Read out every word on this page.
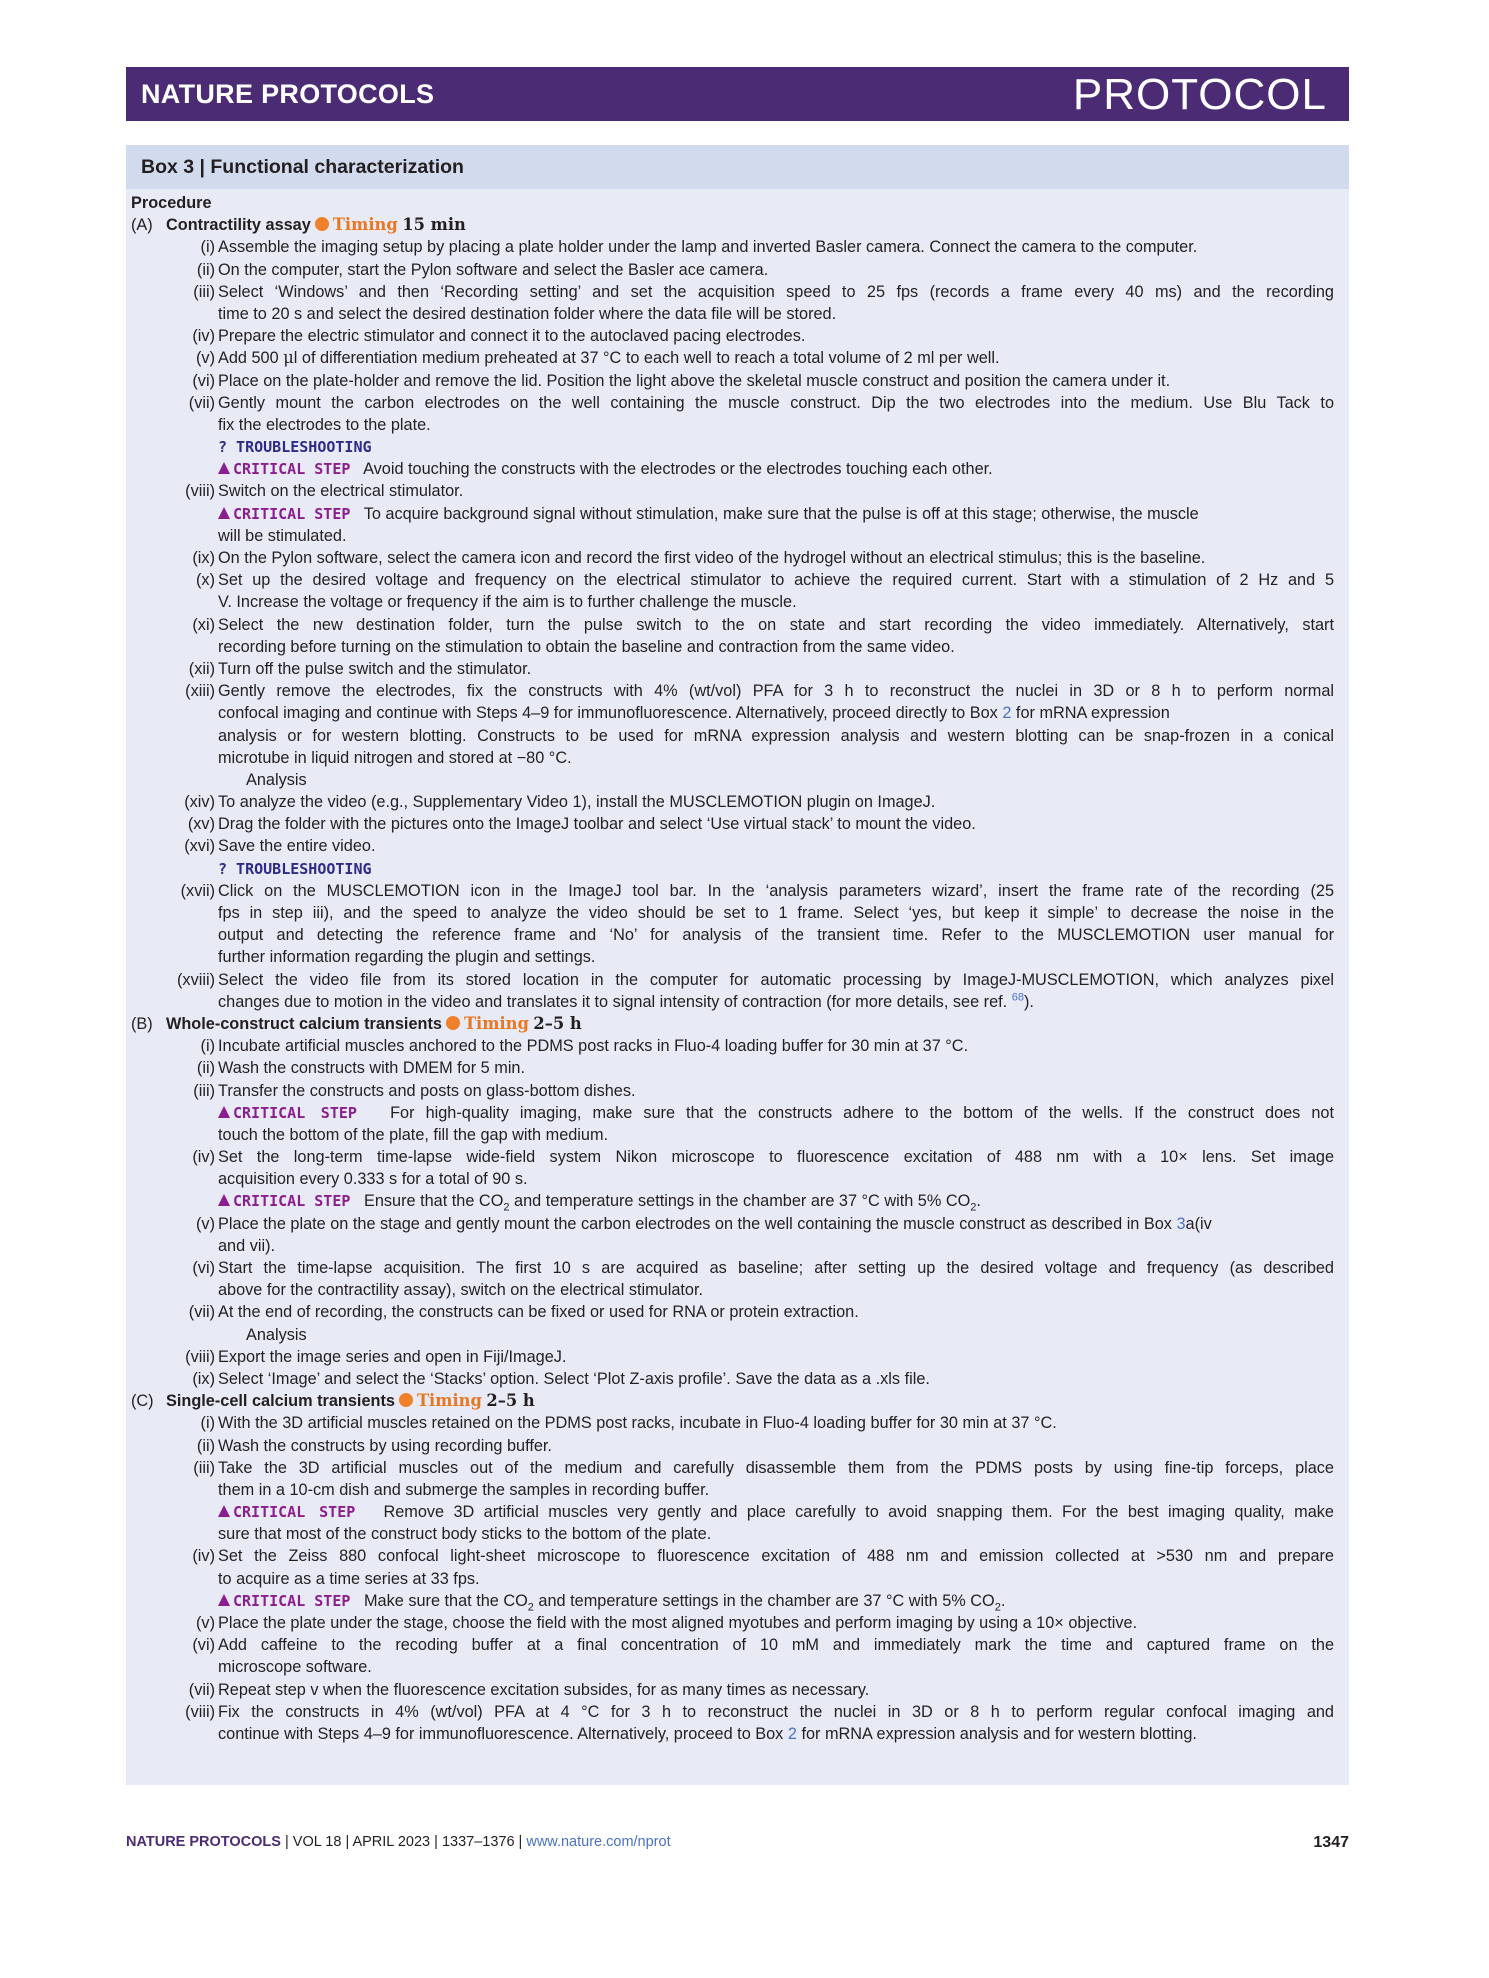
NATURE PROTOCOLS	PROTOCOL
Box 3 | Functional characterization
Procedure
(A) Contractility assay Timing 15 min
(i) Assemble the imaging setup by placing a plate holder under the lamp and inverted Basler camera. Connect the camera to the computer.
(ii) On the computer, start the Pylon software and select the Basler ace camera.
(iii) Select ‘Windows’ and then ‘Recording setting’ and set the acquisition speed to 25 fps (records a frame every 40 ms) and the recording
time to 20 s and select the desired destination folder where the data file will be stored.
(iv) Prepare the electric stimulator and connect it to the autoclaved pacing electrodes.
(v) Add 500 μl of differentiation medium preheated at 37 °C to each well to reach a total volume of 2 ml per well.
(vi) Place on the plate-holder and remove the lid. Position the light above the skeletal muscle construct and position the camera under it.
(vii) Gently mount the carbon electrodes on the well containing the muscle construct. Dip the two electrodes into the medium. Use Blu Tack to
fix the electrodes to the plate.
? TROUBLESHOOTING
CRITICAL STEP Avoid touching the constructs with the electrodes or the electrodes touching each other.
(viii) Switch on the electrical stimulator.
CRITICAL STEP To acquire background signal without stimulation, make sure that the pulse is off at this stage; otherwise, the muscle
will be stimulated.
(ix) On the Pylon software, select the camera icon and record the first video of the hydrogel without an electrical stimulus; this is the baseline.
(x) Set up the desired voltage and frequency on the electrical stimulator to achieve the required current. Start with a stimulation of 2 Hz and 5
V. Increase the voltage or frequency if the aim is to further challenge the muscle.
(xi) Select the new destination folder, turn the pulse switch to the on state and start recording the video immediately. Alternatively, start
recording before turning on the stimulation to obtain the baseline and contraction from the same video.
(xii) Turn off the pulse switch and the stimulator.
(xiii) Gently remove the electrodes, fix the constructs with 4% (wt/vol) PFA for 3 h to reconstruct the nuclei in 3D or 8 h to perform normal
confocal imaging and continue with Steps 4–9 for immunofluorescence. Alternatively, proceed directly to Box 2 for mRNA expression
analysis or for western blotting. Constructs to be used for mRNA expression analysis and western blotting can be snap-frozen in a conical
microtube in liquid nitrogen and stored at −80 °C.
Analysis
(xiv) To analyze the video (e.g., Supplementary Video 1), install the MUSCLEMOTION plugin on ImageJ.
(xv) Drag the folder with the pictures onto the ImageJ toolbar and select ‘Use virtual stack’ to mount the video.
(xvi) Save the entire video.
? TROUBLESHOOTING
(xvii) Click on the MUSCLEMOTION icon in the ImageJ tool bar. In the ‘analysis parameters wizard’, insert the frame rate of the recording (25
fps in step iii), and the speed to analyze the video should be set to 1 frame. Select ‘yes, but keep it simple’ to decrease the noise in the
output and detecting the reference frame and ‘No’ for analysis of the transient time. Refer to the MUSCLEMOTION user manual for
further information regarding the plugin and settings.
(xviii) Select the video file from its stored location in the computer for automatic processing by ImageJ-MUSCLEMOTION, which analyzes pixel
changes due to motion in the video and translates it to signal intensity of contraction (for more details, see ref. $^{68}$).
(B) Whole-construct calcium transients Timing 2–5 h
(i) Incubate artificial muscles anchored to the PDMS post racks in Fluo-4 loading buffer for 30 min at 37 °C.
(ii) Wash the constructs with DMEM for 5 min.
(iii) Transfer the constructs and posts on glass-bottom dishes.
CRITICAL STEP For high-quality imaging, make sure that the constructs adhere to the bottom of the wells. If the construct does not
touch the bottom of the plate, fill the gap with medium.
(iv) Set the long-term time-lapse wide-field system Nikon microscope to fluorescence excitation of 488 nm with a 10× lens. Set image
acquisition every 0.333 s for a total of 90 s.
CRITICAL STEP Ensure that the $CO_2$ and temperature settings in the chamber are 37 °C with 5% $CO_2$.
(v) Place the plate on the stage and gently mount the carbon electrodes on the well containing the muscle construct as described in Box 3a(iv
and vii).
(vi) Start the time-lapse acquisition. The first 10 s are acquired as baseline; after setting up the desired voltage and frequency (as described
above for the contractility assay), switch on the electrical stimulator.
(vii) At the end of recording, the constructs can be fixed or used for RNA or protein extraction.
Analysis
(viii) Export the image series and open in Fiji/ImageJ.
(ix) Select ‘Image’ and select the ‘Stacks’ option. Select ‘Plot Z-axis profile’. Save the data as a .xls file.
(C) Single-cell calcium transients Timing 2–5 h
(i) With the 3D artificial muscles retained on the PDMS post racks, incubate in Fluo-4 loading buffer for 30 min at 37 °C.
(ii) Wash the constructs by using recording buffer.
(iii) Take the 3D artificial muscles out of the medium and carefully disassemble them from the PDMS posts by using fine-tip forceps, place
them in a 10-cm dish and submerge the samples in recording buffer.
CRITICAL STEP Remove 3D artificial muscles very gently and place carefully to avoid snapping them. For the best imaging quality, make
sure that most of the construct body sticks to the bottom of the plate.
(iv) Set the Zeiss 880 confocal light-sheet microscope to fluorescence excitation of 488 nm and emission collected at >530 nm and prepare
to acquire as a time series at 33 fps.
CRITICAL STEP Make sure that the $CO_2$ and temperature settings in the chamber are 37 °C with 5% $CO_2$.
(v) Place the plate under the stage, choose the field with the most aligned myotubes and perform imaging by using a 10× objective.
(vi) Add caffeine to the recoding buffer at a final concentration of 10 mM and immediately mark the time and captured frame on the
microscope software.
(vii) Repeat step v when the fluorescence excitation subsides, for as many times as necessary.
(viii) Fix the constructs in 4% (wt/vol) PFA at 4 °C for 3 h to reconstruct the nuclei in 3D or 8 h to perform regular confocal imaging and
continue with Steps 4–9 for immunofluorescence. Alternatively, proceed to Box 2 for mRNA expression analysis and for western blotting.
NATURE PROTOCOLS | VOL 18 | APRIL 2023 | 1337–1376 | www.nature.com/nprot	1347
